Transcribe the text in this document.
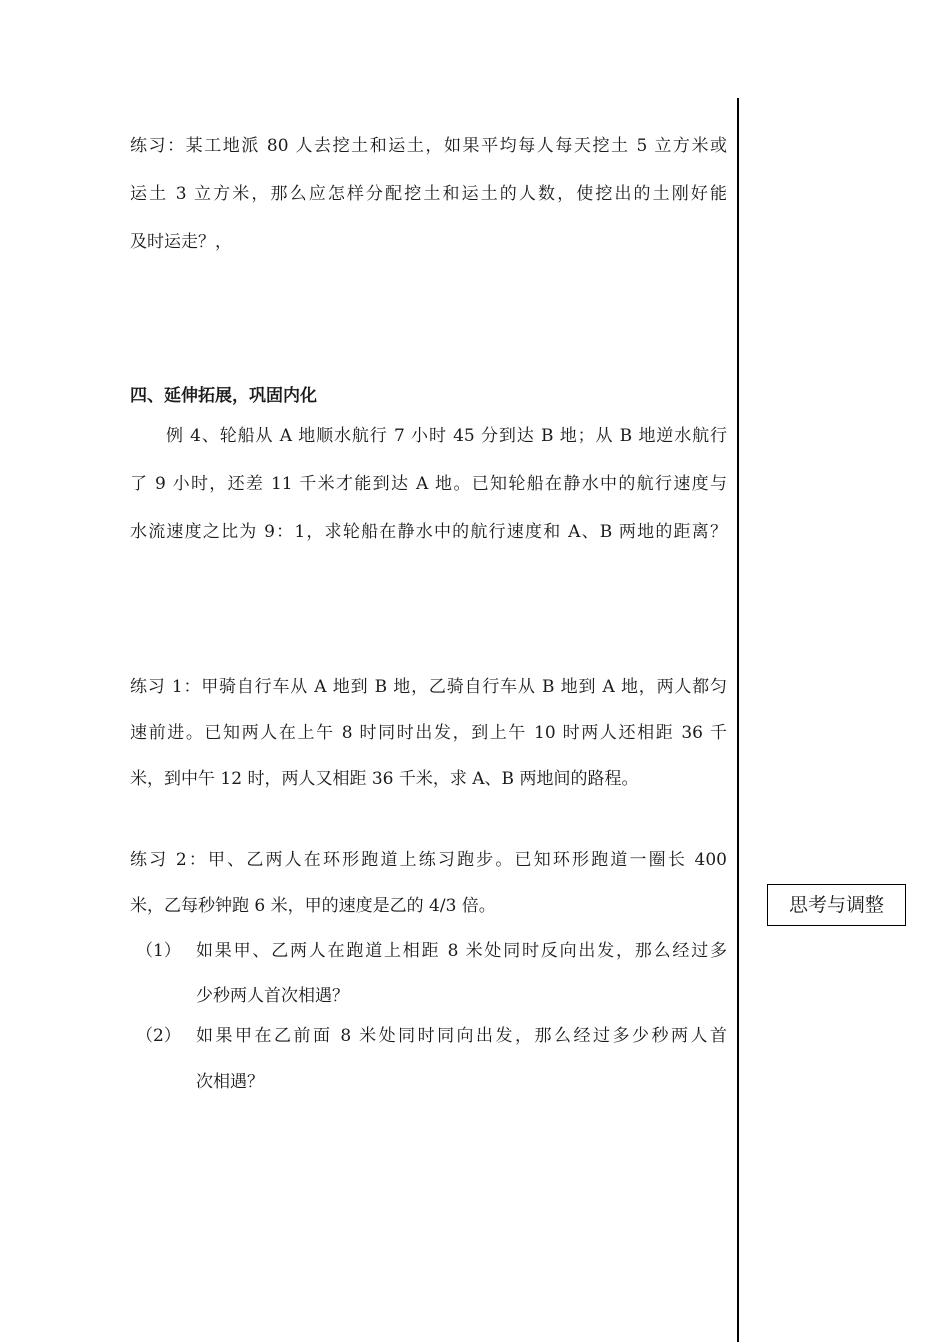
练习：某工地派 80 人去挖土和运土，如果平均每人每天挖土 5 立方米或
运土 3 立方米，那么应怎样分配挖土和运土的人数，使挖出的土刚好能
及时运走？，
四、延伸拓展，巩固内化
例 4、轮船从 A 地顺水航行 7 小时 45 分到达 B 地；从 B 地逆水航行
了 9 小时，还差 11 千米才能到达 A 地。已知轮船在静水中的航行速度与
水流速度之比为 9：1，求轮船在静水中的航行速度和 A、B 两地的距离？
练习 1：甲骑自行车从 A 地到 B 地，乙骑自行车从 B 地到 A 地，两人都匀
速前进。已知两人在上午 8 时同时出发，到上午 10 时两人还相距 36 千
米，到中午 12 时，两人又相距 36 千米，求 A、B 两地间的路程。
练习 2：甲、乙两人在环形跑道上练习跑步。已知环形跑道一圈长 400
米，乙每秒钟跑 6 米，甲的速度是乙的 4/3 倍。
（1） 如果甲、乙两人在跑道上相距 8 米处同时反向出发，那么经过多
少秒两人首次相遇？
（2） 如果甲在乙前面 8 米处同时同向出发，那么经过多少秒两人首
次相遇？
思考与调整
